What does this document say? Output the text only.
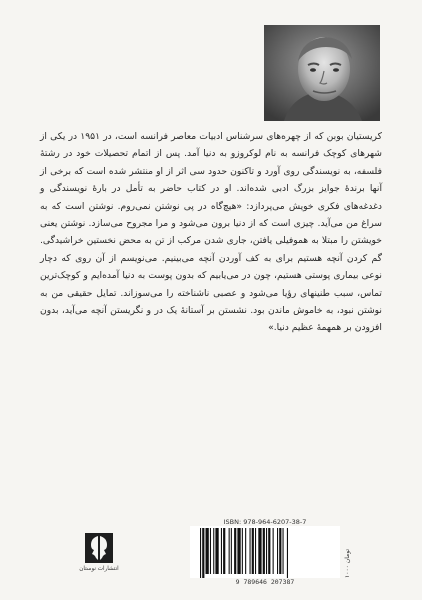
کریستیان بوبن که از چهره‌های سرشناس ادبیات معاصر فرانسه است، در ۱۹۵۱ در یکی از شهرهای کوچک فرانسه به نام لوکروزو به دنیا آمد. پس از اتمام تحصیلات خود در رشتهٔ فلسفه، به نویسندگی روی آورد و تاکنون حدود سی اثر از او منتشر شده است که برخی از آنها برندهٔ جوایز بزرگ ادبی شده‌اند. او در کتاب حاضر به تأمل در بارهٔ نویسندگی و دغدغه‌های فکری خویش می‌پردازد: «هیچ‌گاه در پی نوشتن نمی‌روم. نوشتن است که به سراغ من می‌آید. چیزی است که از دنیا برون می‌شود و مرا مجروح می‌سازد. نوشتن یعنی خویشتن را مبتلا به هموفیلی یافتن، جاری شدن مرکب از تن به محض نخستین خراشیدگی. گم کردن آنچه هستیم برای به کف آوردن آنچه می‌بینیم. می‌نویسم از آن روی که دچار نوعی بیماری پوستی هستیم، چون در می‌یابیم که بدون پوست به دنیا آمده‌ایم و کوچک‌ترین تماس، سبب طنینهای رؤیا می‌شود و عصبی ناشناخته را می‌سوزاند. تمایل حقیقی من به نوشتن نبود، به خاموش ماندن بود. نشستن بر آستانهٔ یک در و نگریستن آنچه می‌آید، بدون افزودن بر همهمهٔ عظیم دنیا.»

ISBN: 978-964-6207-38-7
9 789646 207387
۱۰۰۰ تومان
انتشارات نوستان
